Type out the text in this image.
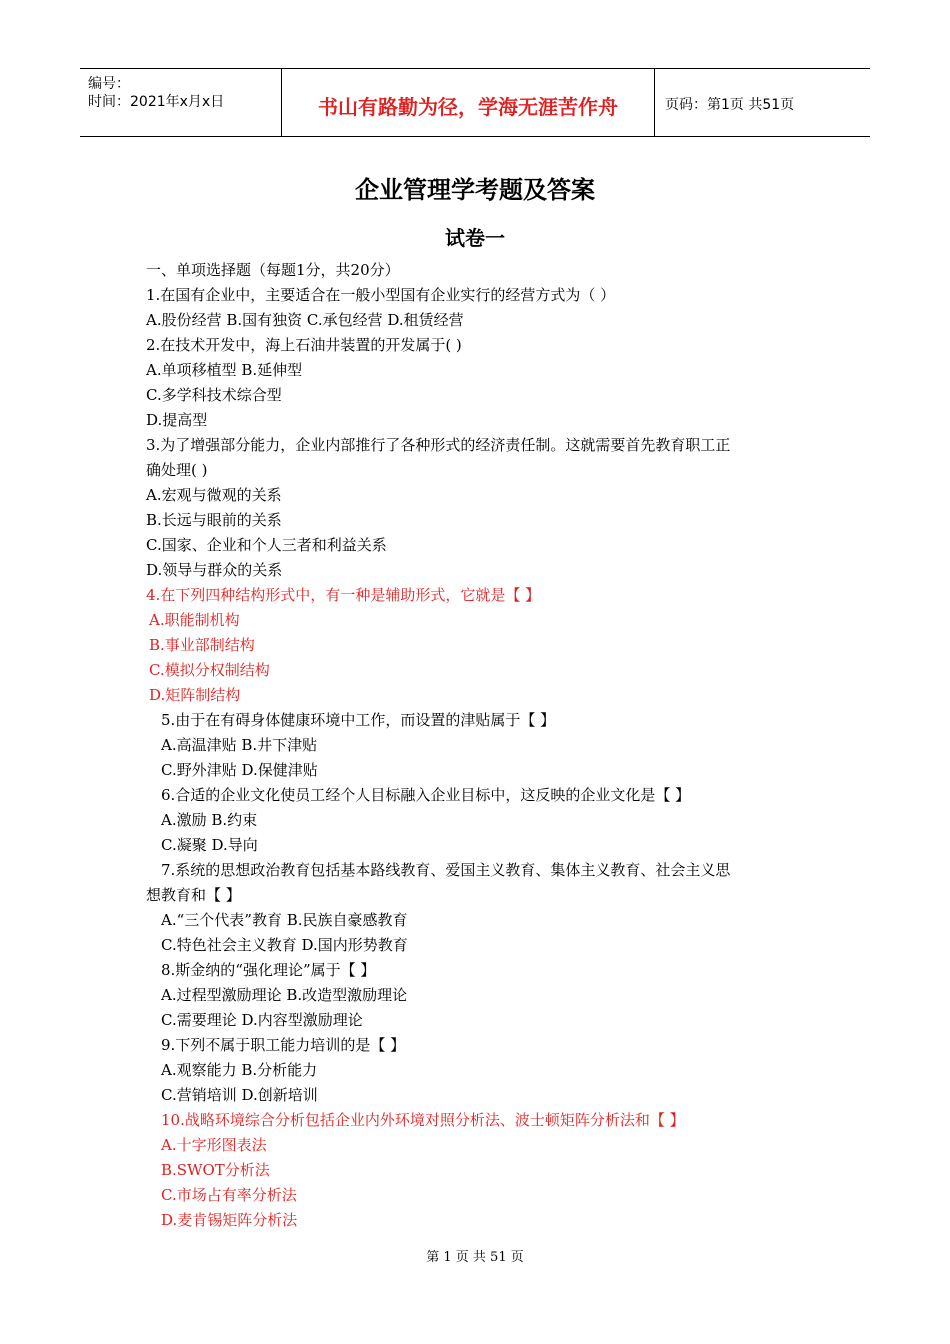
编号：
时间：2021年x月x日	书山有路勤为径，学海无涯苦作舟	页码：第1页 共51页
企业管理学考题及答案
试卷一
一、单项选择题（每题1分，共20分）
1.在国有企业中，主要适合在一般小型国有企业实行的经营方式为（ ）
A.股份经营 B.国有独资 C.承包经营 D.租赁经营
2.在技术开发中，海上石油井装置的开发属于( )
A.单项移植型 B.延伸型
C.多学科技术综合型
D.提高型
3.为了增强部分能力，企业内部推行了各种形式的经济责任制。这就需要首先教育职工正
确处理( )
A.宏观与微观的关系
B.长远与眼前的关系
C.国家、企业和个人三者和利益关系
D.领导与群众的关系
4.在下列四种结构形式中，有一种是辅助形式，它就是【 】
A.职能制机构
B.事业部制结构
C.模拟分权制结构
D.矩阵制结构
5.由于在有碍身体健康环境中工作，而设置的津贴属于【 】
A.高温津贴 B.井下津贴
C.野外津贴 D.保健津贴
6.合适的企业文化使员工经个人目标融入企业目标中，这反映的企业文化是【 】
A.激励 B.约束
C.凝聚 D.导向
7.系统的思想政治教育包括基本路线教育、爱国主义教育、集体主义教育、社会主义思
想教育和【 】
A.“三个代表”教育 B.民族自豪感教育
C.特色社会主义教育 D.国内形势教育
8.斯金纳的“强化理论”属于【 】
A.过程型激励理论 B.改造型激励理论
C.需要理论 D.内容型激励理论
9.下列不属于职工能力培训的是【 】
A.观察能力 B.分析能力
C.营销培训 D.创新培训
10.战略环境综合分析包括企业内外环境对照分析法、波士顿矩阵分析法和【 】
A.十字形图表法
B.SWOT分析法
C.市场占有率分析法
D.麦肯锡矩阵分析法
第 1 页 共 51 页
